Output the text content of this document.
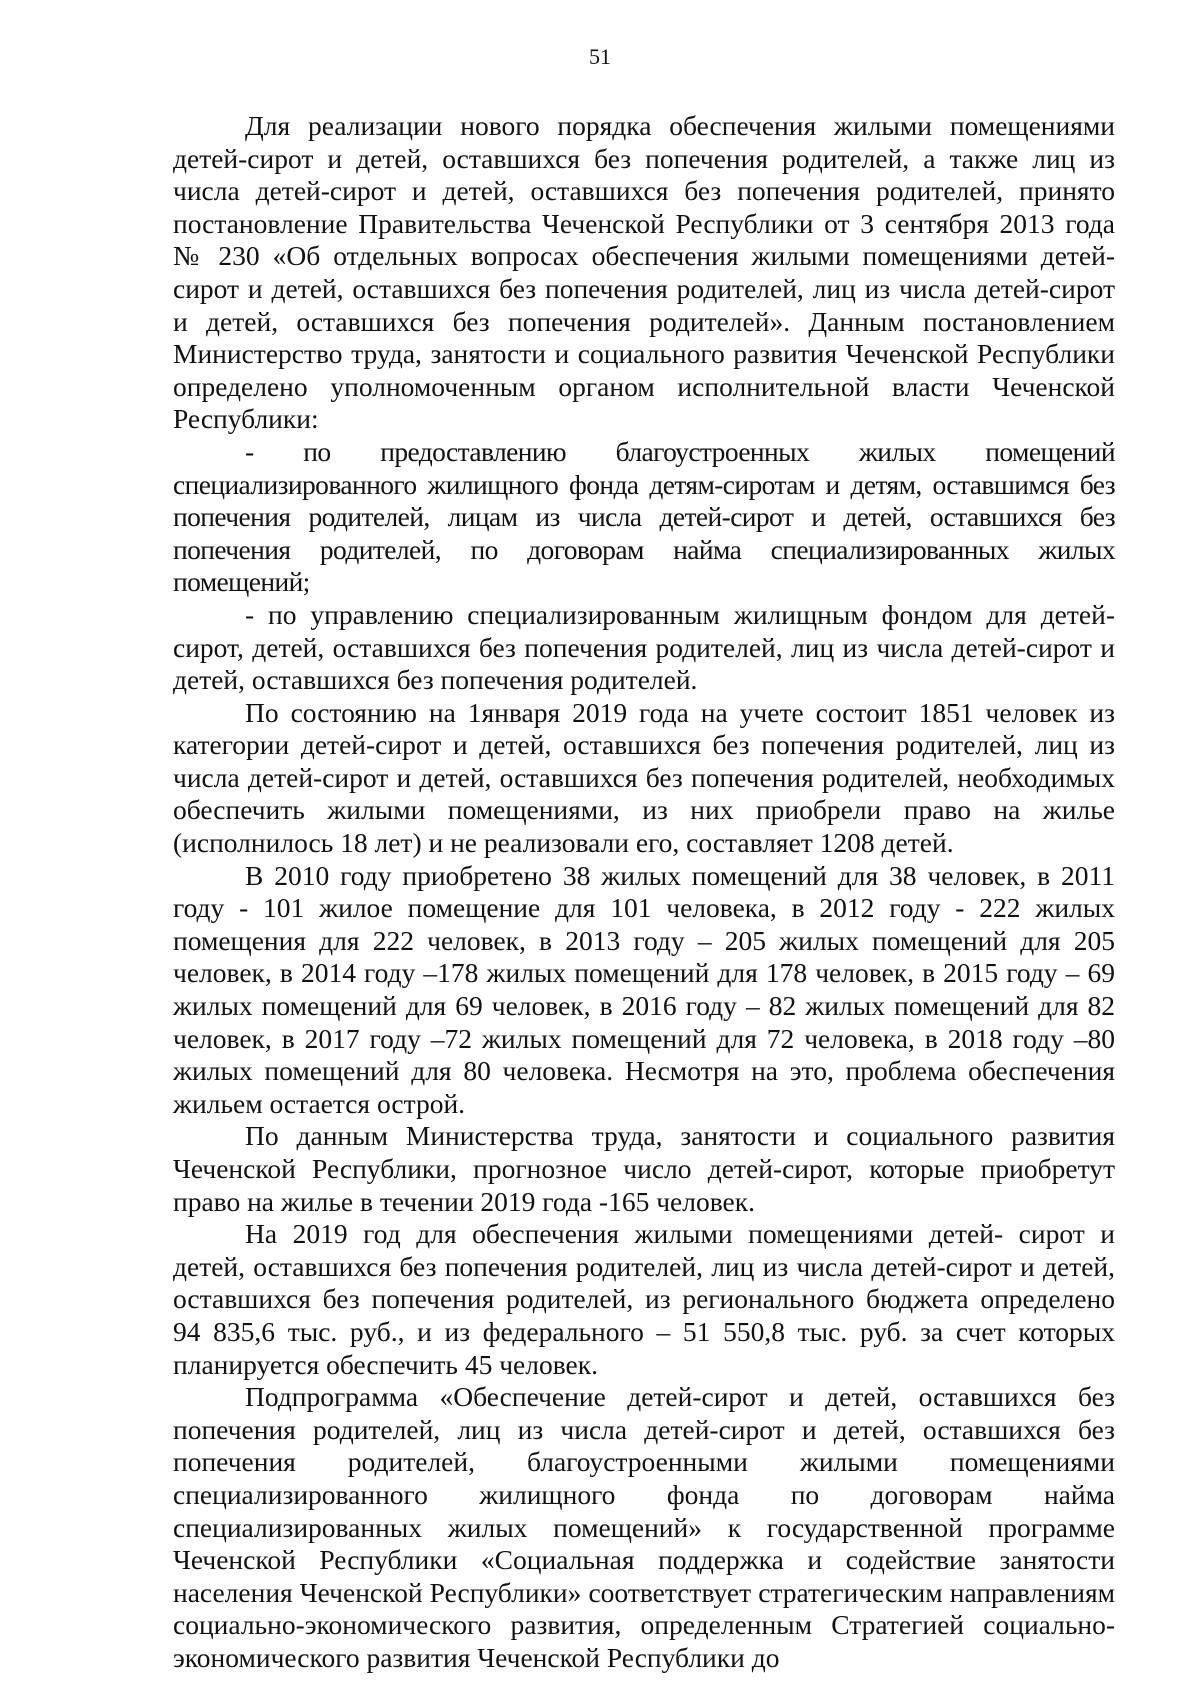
51

Для реализации нового порядка обеспечения жилыми помещениями детей-сирот и детей, оставшихся без попечения родителей, а также лиц из числа детей-сирот и детей, оставшихся без попечения родителей, принято постановление Правительства Чеченской Республики от 3 сентября 2013 года № 230 «Об отдельных вопросах обеспечения жилыми помещениями детей-сирот и детей, оставшихся без попечения родителей, лиц из числа детей-сирот и детей, оставшихся без попечения родителей». Данным постановлением Министерство труда, занятости и социального развития Чеченской Республики определено уполномоченным органом исполнительной власти Чеченской Республики:

- по предоставлению благоустроенных жилых помещений специализированного жилищного фонда детям-сиротам и детям, оставшимся без попечения родителей, лицам из числа детей-сирот и детей, оставшихся без попечения родителей, по договорам найма специализированных жилых помещений;

- по управлению специализированным жилищным фондом для детей-сирот, детей, оставшихся без попечения родителей, лиц из числа детей-сирот и детей, оставшихся без попечения родителей.

По состоянию на 1января 2019 года на учете состоит 1851 человек из категории детей-сирот и детей, оставшихся без попечения родителей, лиц из числа детей-сирот и детей, оставшихся без попечения родителей, необходимых обеспечить жилыми помещениями, из них приобрели право на жилье (исполнилось 18 лет) и не реализовали его, составляет 1208 детей.

В 2010 году приобретено 38 жилых помещений для 38 человек, в 2011 году - 101 жилое помещение для 101 человека, в 2012 году - 222 жилых помещения для 222 человек, в 2013 году – 205 жилых помещений для 205 человек, в 2014 году –178 жилых помещений для 178 человек, в 2015 году – 69 жилых помещений для 69 человек, в 2016 году – 82 жилых помещений для 82 человек, в 2017 году –72 жилых помещений для 72 человека, в 2018 году –80 жилых помещений для 80 человека. Несмотря на это, проблема обеспечения жильем остается острой.

По данным Министерства труда, занятости и социального развития Чеченской Республики, прогнозное число детей-сирот, которые приобретут право на жилье в течении 2019 года -165 человек.

На 2019 год для обеспечения жилыми помещениями детей- сирот и детей, оставшихся без попечения родителей, лиц из числа детей-сирот и детей, оставшихся без попечения родителей, из регионального бюджета определено 94 835,6 тыс. руб., и из федерального – 51 550,8 тыс. руб. за счет которых планируется обеспечить 45 человек.

Подпрограмма «Обеспечение детей-сирот и детей, оставшихся без попечения родителей, лиц из числа детей-сирот и детей, оставшихся без попечения родителей, благоустроенными жилыми помещениями специализированного жилищного фонда по договорам найма специализированных жилых помещений» к государственной программе Чеченской Республики «Социальная поддержка и содействие занятости населения Чеченской Республики» соответствует стратегическим направлениям социально-экономического развития, определенным Стратегией социально-экономического развития Чеченской Республики до
